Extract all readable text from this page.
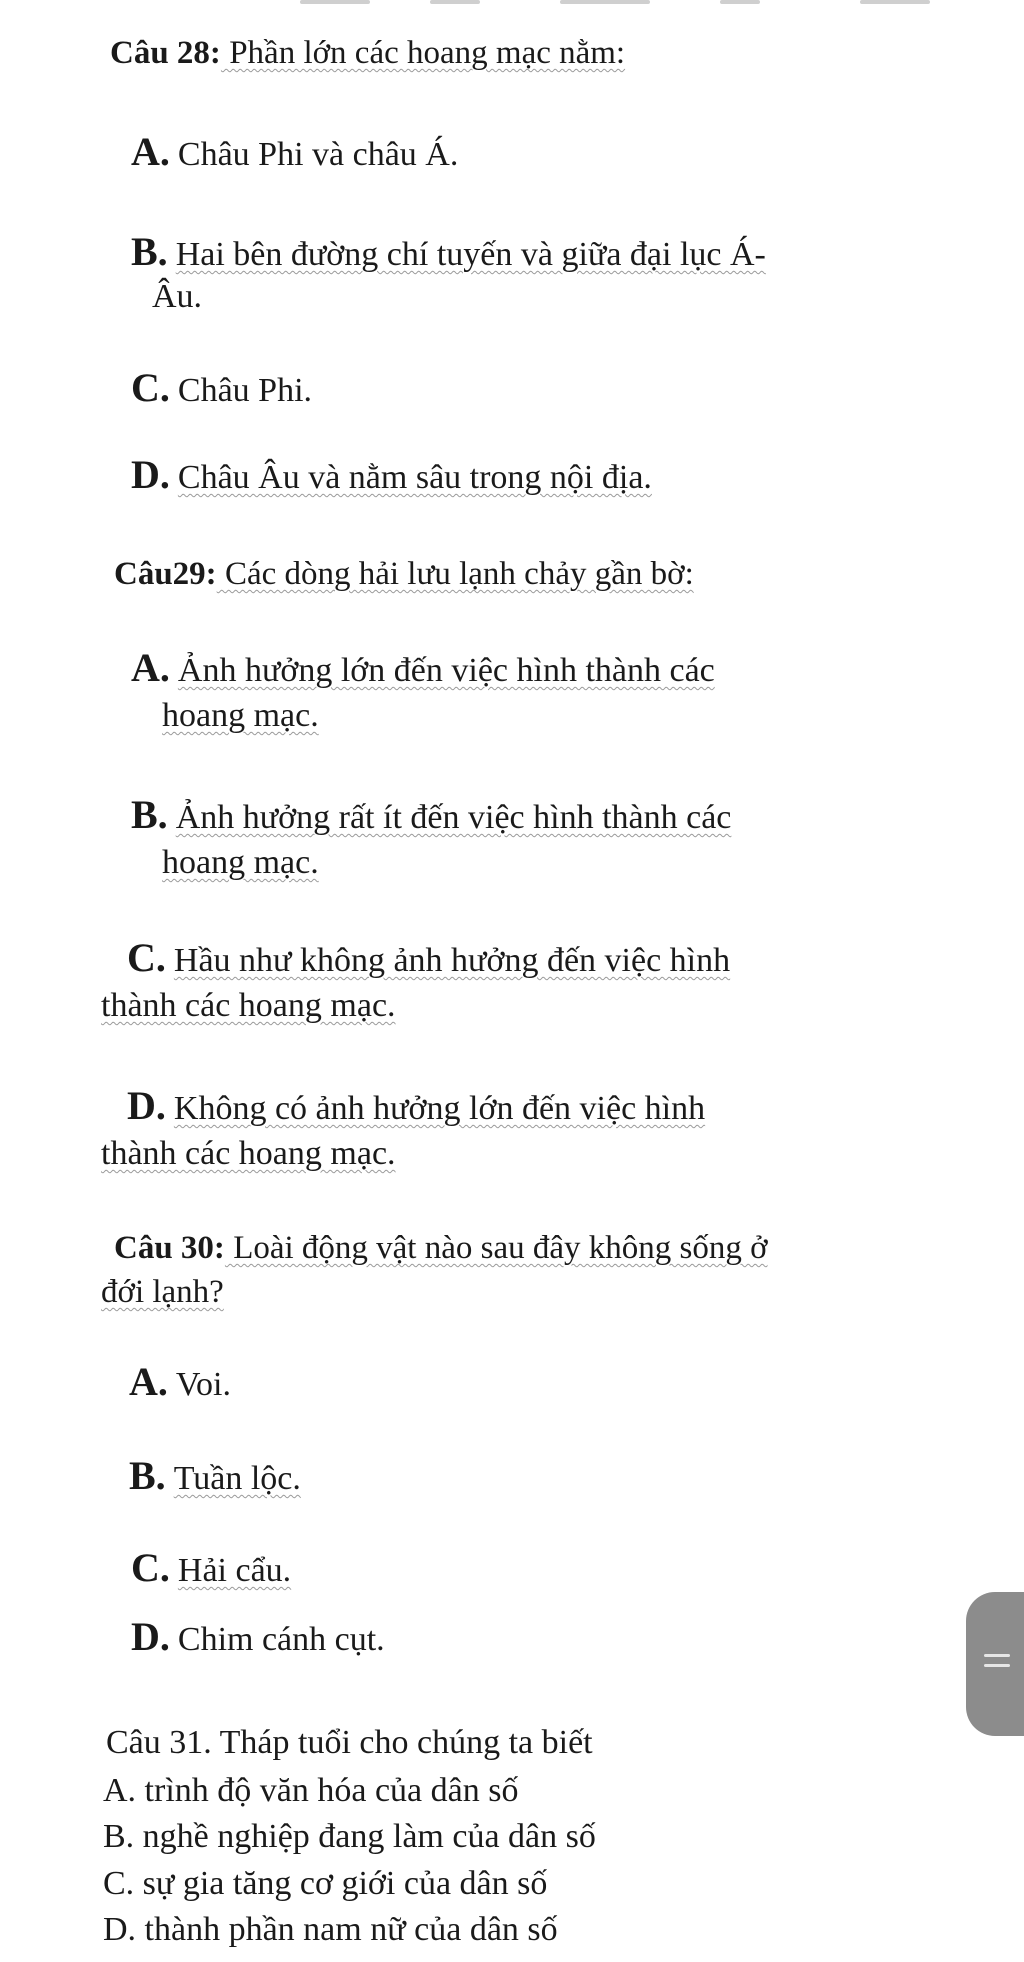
Câu 28: Phần lớn các hoang mạc nằm:
A. Châu Phi và châu Á.
B. Hai bên đường chí tuyến và giữa đại lục Á-
Âu.
C. Châu Phi.
D. Châu Âu và nằm sâu trong nội địa.
Câu29: Các dòng hải lưu lạnh chảy gần bờ:
A. Ảnh hưởng lớn đến việc hình thành các
hoang mạc.
B. Ảnh hưởng rất ít đến việc hình thành các
hoang mạc.
C. Hầu như không ảnh hưởng đến việc hình
thành các hoang mạc.
D. Không có ảnh hưởng lớn đến việc hình
thành các hoang mạc.
Câu 30: Loài động vật nào sau đây không sống ở
đới lạnh?
A. Voi.
B. Tuần lộc.
C. Hải cẩu.
D. Chim cánh cụt.
Câu 31. Tháp tuổi cho chúng ta biết
A. trình độ văn hóa của dân số
B. nghề nghiệp đang làm của dân số
C. sự gia tăng cơ giới của dân số
D. thành phần nam nữ của dân số
